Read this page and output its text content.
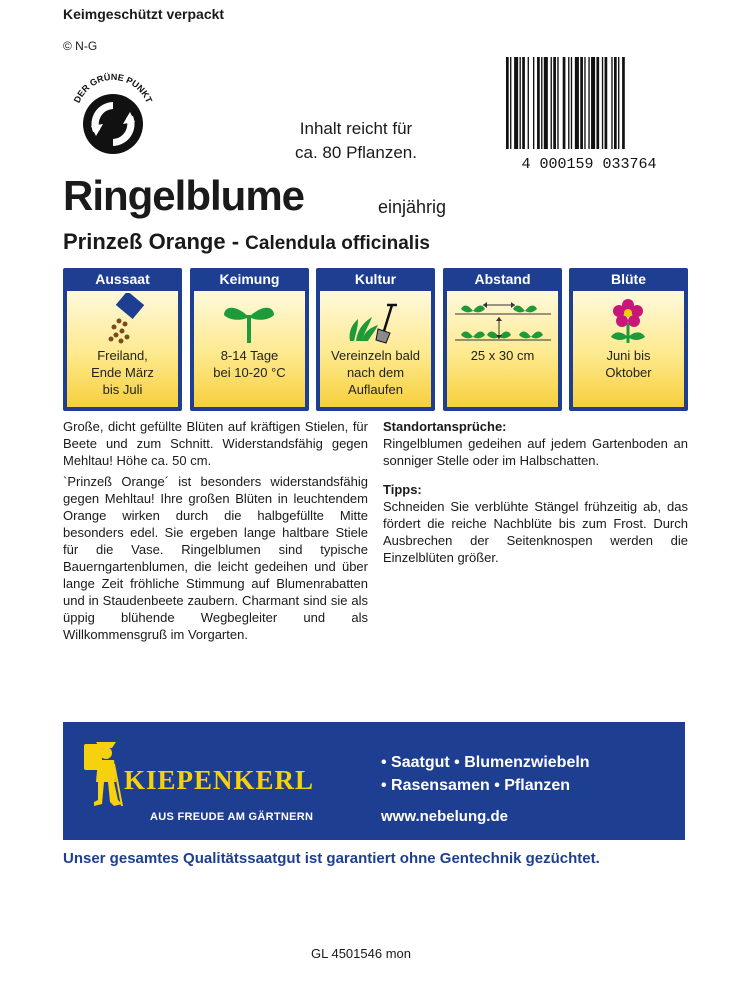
Keimgeschützt verpackt
© N-G
DER GRÜNE PUNKT
Inhalt reicht für
ca. 80 Pflanzen.
4 000159 033764
Ringelblume	einjährig
Prinzeß Orange - Calendula officinalis
Aussaat
Freiland,
Ende März
bis Juli
Keimung
8-14 Tage
bei 10-20 °C
Kultur
Vereinzeln bald
nach dem
Auflaufen
Abstand
25 x 30 cm
Blüte
Juni bis
Oktober

Große, dicht gefüllte Blüten auf kräftigen Stielen, für Beete und zum Schnitt. Widerstandsfähig gegen Mehltau! Höhe ca. 50 cm.

`Prinzeß Orange´ ist besonders widerstandsfähig gegen Mehltau! Ihre großen Blüten in leuchtendem Orange wirken durch die halbgefüllte Mitte besonders edel. Sie ergeben lange haltbare Stiele für die Vase. Ringelblumen sind typische Bauerngartenblumen, die leicht gedeihen und über lange Zeit fröhliche Stimmung auf Blumenrabatten und in Staudenbeete zaubern. Charmant sind sie als üppig blühende Wegbegleiter und als Willkommensgruß im Vorgarten.

Standortansprüche:

Ringelblumen gedeihen auf jedem Gartenboden an sonniger Stelle oder im Halbschatten.

Tipps:

Schneiden Sie verblühte Stängel frühzeitig ab, das fördert die reiche Nachblüte bis zum Frost. Durch Ausbrechen der Seitenknospen werden die Einzelblüten größer.

KIEPENKERL
AUS FREUDE AM GÄRTNERN
• Saatgut • Blumenzwiebeln
• Rasensamen • Pflanzen
www.nebelung.de
Unser gesamtes Qualitätssaatgut ist garantiert ohne Gentechnik gezüchtet.
GL 4501546 mon
